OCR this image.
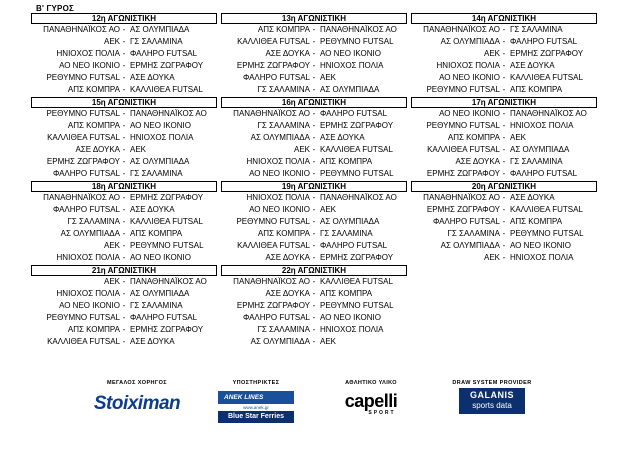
Β' ΓΥΡΟΣ
12η ΑΓΩΝΙΣΤΙΚΗ
ΠΑΝΑΘΗΝΑΪΚΟΣ ΑΟ - ΑΣ ΟΛΥΜΠΙΑΔΑ
ΑΕΚ - ΓΣ ΣΑΛΑΜΙΝΑ
ΗΝΙΟΧΟΣ ΠΟΛΙΑ - ΦΑΛΗΡΟ FUTSAL
ΑΟ ΝΕΟ ΙΚΟΝΙΟ - ΕΡΜΗΣ ΖΩΓΡΑΦΟΥ
ΡΕΘΥΜΝΟ FUTSAL - ΑΣΕ ΔΟΥΚΑ
ΑΠΣ ΚΟΜΠΡΑ - ΚΑΛΛΙΘΕΑ FUTSAL
13η ΑΓΩΝΙΣΤΙΚΗ
ΑΠΣ ΚΟΜΠΡΑ - ΠΑΝΑΘΗΝΑΪΚΟΣ ΑΟ
ΚΑΛΛΙΘΕΑ FUTSAL - ΡΕΘΥΜΝΟ FUTSAL
ΑΣΕ ΔΟΥΚΑ - ΑΟ ΝΕΟ ΙΚΟΝΙΟ
ΕΡΜΗΣ ΖΩΓΡΑΦΟΥ - ΗΝΙΟΧΟΣ ΠΟΛΙΑ
ΦΑΛΗΡΟ FUTSAL - ΑΕΚ
ΓΣ ΣΑΛΑΜΙΝΑ - ΑΣ ΟΛΥΜΠΙΑΔΑ
14η ΑΓΩΝΙΣΤΙΚΗ
ΠΑΝΑΘΗΝΑΪΚΟΣ ΑΟ - ΓΣ ΣΑΛΑΜΙΝΑ
ΑΣ ΟΛΥΜΠΙΑΔΑ - ΦΑΛΗΡΟ FUTSAL
ΑΕΚ - ΕΡΜΗΣ ΖΩΓΡΑΦΟΥ
ΗΝΙΟΧΟΣ ΠΟΛΙΑ - ΑΣΕ ΔΟΥΚΑ
ΑΟ ΝΕΟ ΙΚΟΝΙΟ - ΚΑΛΛΙΘΕΑ FUTSAL
ΡΕΘΥΜΝΟ FUTSAL - ΑΠΣ ΚΟΜΠΡΑ
15η ΑΓΩΝΙΣΤΙΚΗ
ΡΕΘΥΜΝΟ FUTSAL - ΠΑΝΑΘΗΝΑΪΚΟΣ ΑΟ
ΑΠΣ ΚΟΜΠΡΑ - ΑΟ ΝΕΟ ΙΚΟΝΙΟ
ΚΑΛΛΙΘΕΑ FUTSAL - ΗΝΙΟΧΟΣ ΠΟΛΙΑ
ΑΣΕ ΔΟΥΚΑ - ΑΕΚ
ΕΡΜΗΣ ΖΩΓΡΑΦΟΥ - ΑΣ ΟΛΥΜΠΙΑΔΑ
ΦΑΛΗΡΟ FUTSAL - ΓΣ ΣΑΛΑΜΙΝΑ
16η ΑΓΩΝΙΣΤΙΚΗ
ΠΑΝΑΘΗΝΑΪΚΟΣ ΑΟ - ΦΑΛΗΡΟ FUTSAL
ΓΣ ΣΑΛΑΜΙΝΑ - ΕΡΜΗΣ ΖΩΓΡΑΦΟΥ
ΑΣ ΟΛΥΜΠΙΑΔΑ - ΑΣΕ ΔΟΥΚΑ
ΑΕΚ - ΚΑΛΛΙΘΕΑ FUTSAL
ΗΝΙΟΧΟΣ ΠΟΛΙΑ - ΑΠΣ ΚΟΜΠΡΑ
ΑΟ ΝΕΟ ΙΚΟΝΙΟ - ΡΕΘΥΜΝΟ FUTSAL
17η ΑΓΩΝΙΣΤΙΚΗ
ΑΟ ΝΕΟ ΙΚΟΝΙΟ - ΠΑΝΑΘΗΝΑΪΚΟΣ ΑΟ
ΡΕΘΥΜΝΟ FUTSAL - ΗΝΙΟΧΟΣ ΠΟΛΙΑ
ΑΠΣ ΚΟΜΠΡΑ - ΑΕΚ
ΚΑΛΛΙΘΕΑ FUTSAL - ΑΣ ΟΛΥΜΠΙΑΔΑ
ΑΣΕ ΔΟΥΚΑ - ΓΣ ΣΑΛΑΜΙΝΑ
ΕΡΜΗΣ ΖΩΓΡΑΦΟΥ - ΦΑΛΗΡΟ FUTSAL
18η ΑΓΩΝΙΣΤΙΚΗ
ΠΑΝΑΘΗΝΑΪΚΟΣ ΑΟ - ΕΡΜΗΣ ΖΩΓΡΑΦΟΥ
ΦΑΛΗΡΟ FUTSAL - ΑΣΕ ΔΟΥΚΑ
ΓΣ ΣΑΛΑΜΙΝΑ - ΚΑΛΛΙΘΕΑ FUTSAL
ΑΣ ΟΛΥΜΠΙΑΔΑ - ΑΠΣ ΚΟΜΠΡΑ
ΑΕΚ - ΡΕΘΥΜΝΟ FUTSAL
ΗΝΙΟΧΟΣ ΠΟΛΙΑ - ΑΟ ΝΕΟ ΙΚΟΝΙΟ
19η ΑΓΩΝΙΣΤΙΚΗ
ΗΝΙΟΧΟΣ ΠΟΛΙΑ - ΠΑΝΑΘΗΝΑΪΚΟΣ ΑΟ
ΑΟ ΝΕΟ ΙΚΟΝΙΟ - ΑΕΚ
ΡΕΘΥΜΝΟ FUTSAL - ΑΣ ΟΛΥΜΠΙΑΔΑ
ΑΠΣ ΚΟΜΠΡΑ - ΓΣ ΣΑΛΑΜΙΝΑ
ΚΑΛΛΙΘΕΑ FUTSAL - ΦΑΛΗΡΟ FUTSAL
ΑΣΕ ΔΟΥΚΑ - ΕΡΜΗΣ ΖΩΓΡΑΦΟΥ
20η ΑΓΩΝΙΣΤΙΚΗ
ΠΑΝΑΘΗΝΑΪΚΟΣ ΑΟ - ΑΣΕ ΔΟΥΚΑ
ΕΡΜΗΣ ΖΩΓΡΑΦΟΥ - ΚΑΛΛΙΘΕΑ FUTSAL
ΦΑΛΗΡΟ FUTSAL - ΑΠΣ ΚΟΜΠΡΑ
ΓΣ ΣΑΛΑΜΙΝΑ - ΡΕΘΥΜΝΟ FUTSAL
ΑΣ ΟΛΥΜΠΙΑΔΑ - ΑΟ ΝΕΟ ΙΚΟΝΙΟ
ΑΕΚ - ΗΝΙΟΧΟΣ ΠΟΛΙΑ
21η ΑΓΩΝΙΣΤΙΚΗ
ΑΕΚ - ΠΑΝΑΘΗΝΑΪΚΟΣ ΑΟ
ΗΝΙΟΧΟΣ ΠΟΛΙΑ - ΑΣ ΟΛΥΜΠΙΑΔΑ
ΑΟ ΝΕΟ ΙΚΟΝΙΟ - ΓΣ ΣΑΛΑΜΙΝΑ
ΡΕΘΥΜΝΟ FUTSAL - ΦΑΛΗΡΟ FUTSAL
ΑΠΣ ΚΟΜΠΡΑ - ΕΡΜΗΣ ΖΩΓΡΑΦΟΥ
ΚΑΛΛΙΘΕΑ FUTSAL - ΑΣΕ ΔΟΥΚΑ
22η ΑΓΩΝΙΣΤΙΚΗ
ΠΑΝΑΘΗΝΑΪΚΟΣ ΑΟ - ΚΑΛΛΙΘΕΑ FUTSAL
ΑΣΕ ΔΟΥΚΑ - ΑΠΣ ΚΟΜΠΡΑ
ΕΡΜΗΣ ΖΩΓΡΑΦΟΥ - ΡΕΘΥΜΝΟ FUTSAL
ΦΑΛΗΡΟ FUTSAL - ΑΟ ΝΕΟ ΙΚΟΝΙΟ
ΓΣ ΣΑΛΑΜΙΝΑ - ΗΝΙΟΧΟΣ ΠΟΛΙΑ
ΑΣ ΟΛΥΜΠΙΑΔΑ - ΑΕΚ
ΜΕΓΑΛΟΣ ΧΟΡΗΓΟΣ
Stoiximan
ΥΠΟΣΤΗΡΙΚΤΕΣ
ANEK LINES
www.anek.gr
Blue Star Ferries
ΑΘΛΗΤΙΚΟ ΥΛΙΚΟ
capelli
SPORT
DRAW SYSTEM PROVIDER
GALANIS
sports data
